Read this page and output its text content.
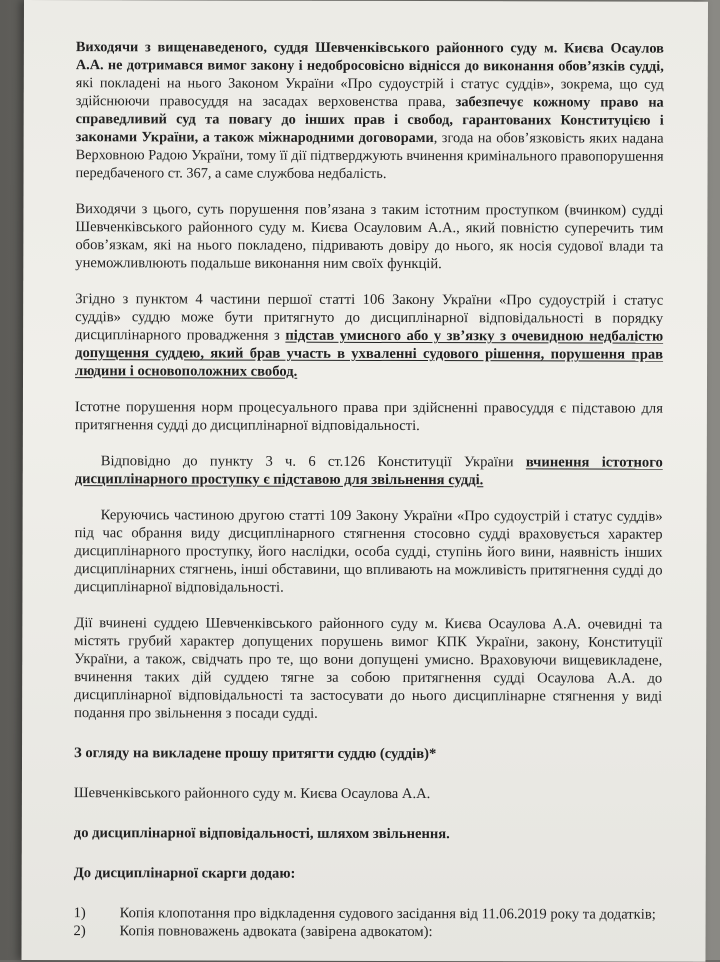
Виходячи з вищенаведеного, суддя Шевченківського районного суду м. Києва Осаулов А.А. не дотримався вимог закону і недобросовісно віднісся до виконання обов’язків судді, які покладені на нього Законом України «Про судоустрій і статус суддів», зокрема, що суд здійснюючи правосуддя на засадах верховенства права, забезпечує кожному право на справедливий суд та повагу до інших прав і свобод, гарантованих Конституцією і законами України, а також міжнародними договорами, згода на обов’язковість яких надана Верховною Радою України, тому її дії підтверджують вчинення кримінального правопорушення передбаченого ст. 367, а саме службова недбалість.

Виходячи з цього, суть порушення пов’язана з таким істотним проступком (вчинком) судді Шевченківського районного суду м. Києва Осауловим А.А., який повністю суперечить тим обов’язкам, які на нього покладено, підривають довіру до нього, як носія судової влади та унеможливлюють подальше виконання ним своїх функцій.

Згідно з пунктом 4 частини першої статті 106 Закону України «Про судоустрій і статус суддів» суддю може бути притягнуто до дисциплінарної відповідальності в порядку дисциплінарного провадження з підстав умисного або у зв’язку з очевидною недбалістю допущення суддею, який брав участь в ухваленні судового рішення, порушення прав людини і основоположних свобод.

Істотне порушення норм процесуального права при здійсненні правосуддя є підставою для притягнення судді до дисциплінарної відповідальності.

Відповідно до пункту 3 ч. 6 ст.126 Конституції України вчинення істотного дисциплінарного проступку є підставою для звільнення судді.

Керуючись частиною другою статті 109 Закону України «Про судоустрій і статус суддів» під час обрання виду дисциплінарного стягнення стосовно судді враховується характер дисциплінарного проступку, його наслідки, особа судді, ступінь його вини, наявність інших дисциплінарних стягнень, інші обставини, що впливають на можливість притягнення судді до дисциплінарної відповідальності.

Дії вчинені суддею Шевченківського районного суду м. Києва Осаулова А.А. очевидні та містять грубий характер допущених порушень вимог КПК України, закону, Конституції України, а також, свідчать про те, що вони допущені умисно. Враховуючи вищевикладене, вчинення таких дій суддею тягне за собою притягнення судді Осаулова А.А. до дисциплінарної відповідальності та застосувати до нього дисциплінарне стягнення у виді подання про звільнення з посади судді.

З огляду на викладене прошу притягти суддю (суддів)*

Шевченківського районного суду м. Києва Осаулова А.А.

до дисциплінарної відповідальності, шляхом звільнення.

До дисциплінарної скарги додаю:

1)	Копія клопотання про відкладення судового засідання від 11.06.2019 року та додатків;
2)	Копія повноважень адвоката (завірена адвокатом):
